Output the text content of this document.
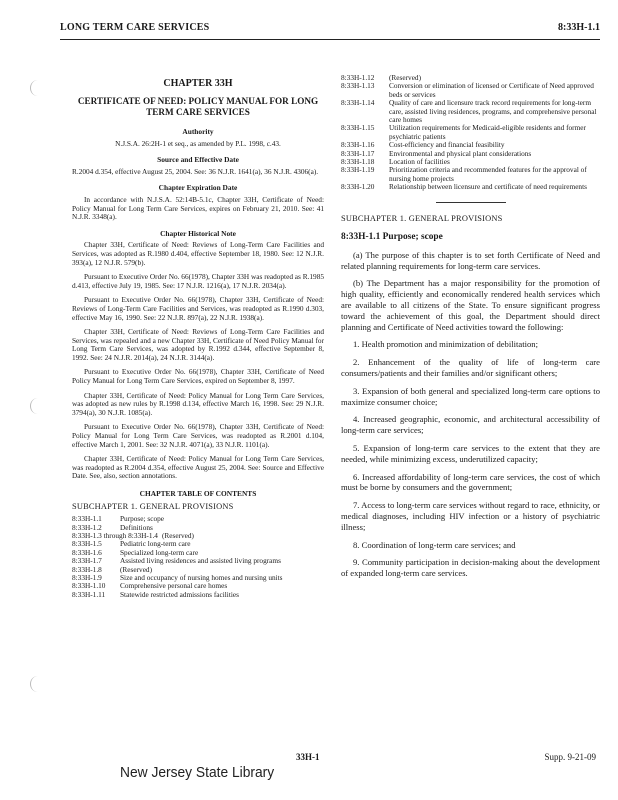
LONG TERM CARE SERVICES	8:33H-1.1
CHAPTER 33H
CERTIFICATE OF NEED: POLICY MANUAL FOR LONG TERM CARE SERVICES
Authority
N.J.S.A. 26:2H-1 et seq., as amended by P.L. 1998, c.43.
Source and Effective Date

R.2004 d.354, effective August 25, 2004. See: 36 N.J.R. 1641(a), 36 N.J.R. 4306(a).

Chapter Expiration Date

In accordance with N.J.S.A. 52:14B-5.1c, Chapter 33H, Certificate of Need: Policy Manual for Long Term Care Services, expires on February 21, 2010. See: 41 N.J.R. 3348(a).

Chapter Historical Note

Chapter 33H, Certificate of Need: Reviews of Long-Term Care Facilities and Services, was adopted as R.1980 d.404, effective September 18, 1980. See: 12 N.J.R. 393(a), 12 N.J.R. 579(b).

Pursuant to Executive Order No. 66(1978), Chapter 33H was readopted as R.1985 d.413, effective July 19, 1985. See: 17 N.J.R. 1216(a), 17 N.J.R. 2034(a).

Pursuant to Executive Order No. 66(1978), Chapter 33H, Certificate of Need: Reviews of Long-Term Care Facilities and Services, was readopted as R.1990 d.303, effective May 16, 1990. See: 22 N.J.R. 897(a), 22 N.J.R. 1938(a).

Chapter 33H, Certificate of Need: Reviews of Long-Term Care Facilities and Services, was repealed and a new Chapter 33H, Certificate of Need Policy Manual for Long Term Care Services, was adopted by R.1992 d.344, effective September 8, 1992. See: 24 N.J.R. 2014(a), 24 N.J.R. 3144(a).

Pursuant to Executive Order No. 66(1978), Chapter 33H, Certificate of Need Policy Manual for Long Term Care Services, expired on September 8, 1997.

Chapter 33H, Certificate of Need: Policy Manual for Long Term Care Services, was adopted as new rules by R.1998 d.134, effective March 16, 1998. See: 29 N.J.R. 3794(a), 30 N.J.R. 1085(a).

Pursuant to Executive Order No. 66(1978), Chapter 33H, Certificate of Need: Policy Manual for Long Term Care Services, was readopted as R.2001 d.104, effective March 1, 2001. See: 32 N.J.R. 4071(a), 33 N.J.R. 1101(a).

Chapter 33H, Certificate of Need: Policy Manual for Long Term Care Services, was readopted as R.2004 d.354, effective August 25, 2004. See: Source and Effective Date. See, also, section annotations.

CHAPTER TABLE OF CONTENTS
SUBCHAPTER 1. GENERAL PROVISIONS
8:33H-1.1	Purpose; scope
8:33H-1.2	Definitions
8:33H-1.3 through 8:33H-1.4 (Reserved)
8:33H-1.5	Pediatric long-term care
8:33H-1.6	Specialized long-term care
8:33H-1.7	Assisted living residences and assisted living programs
8:33H-1.8	(Reserved)
8:33H-1.9	Size and occupancy of nursing homes and nursing units
8:33H-1.10	Comprehensive personal care homes
8:33H-1.11	Statewide restricted admissions facilities
8:33H-1.12	(Reserved)
8:33H-1.13	Conversion or elimination of licensed or Certificate of Need approved beds or services
8:33H-1.14	Quality of care and licensure track record requirements for long-term care, assisted living residences, programs, and comprehensive personal care homes
8:33H-1.15	Utilization requirements for Medicaid-eligible residents and former psychiatric patients
8:33H-1.16	Cost-efficiency and financial feasibility
8:33H-1.17	Environmental and physical plant considerations
8:33H-1.18	Location of facilities
8:33H-1.19	Prioritization criteria and recommended features for the approval of nursing home projects
8:33H-1.20	Relationship between licensure and certificate of need requirements
SUBCHAPTER 1. GENERAL PROVISIONS
8:33H-1.1 Purpose; scope

(a) The purpose of this chapter is to set forth Certificate of Need and related planning requirements for long-term care services.

(b) The Department has a major responsibility for the promotion of high quality, efficiently and economically rendered health services which are available to all citizens of the State. To ensure significant progress toward the achievement of this goal, the Department should direct planning and Certificate of Need activities toward the following:

1. Health promotion and minimization of debilitation;

2. Enhancement of the quality of life of long-term care consumers/patients and their families and/or significant others;

3. Expansion of both general and specialized long-term care options to maximize consumer choice;

4. Increased geographic, economic, and architectural accessibility of long-term care services;

5. Expansion of long-term care services to the extent that they are needed, while minimizing excess, underutilized capacity;

6. Increased affordability of long-term care services, the cost of which must be borne by consumers and the government;

7. Access to long-term care services without regard to race, ethnicity, or medical diagnoses, including HIV infection or a history of psychiatric illness;

8. Coordination of long-term care services; and

9. Community participation in decision-making about the development of expanded long-term care services.

33H-1	Supp. 9-21-09
New Jersey State Library
